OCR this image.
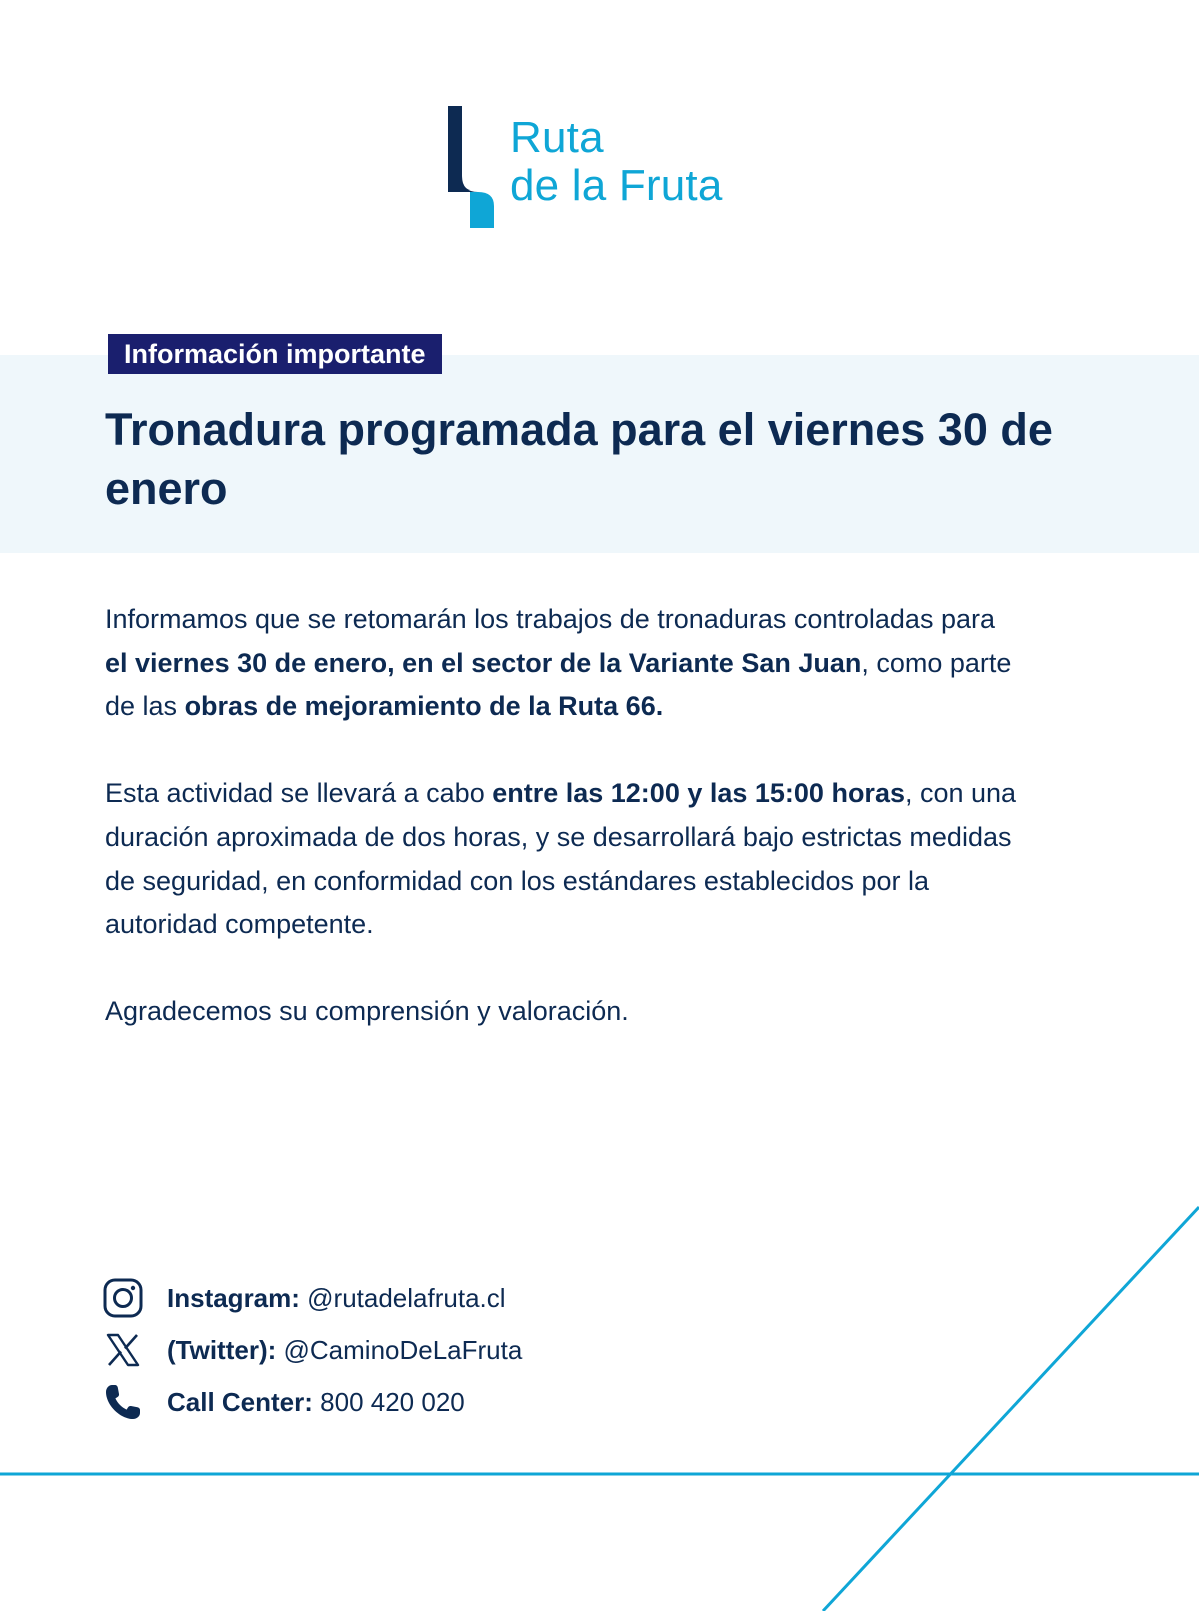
Ruta
de la Fruta
Información importante
Tronadura programada para el viernes 30 de enero

Informamos que se retomarán los trabajos de tronaduras controladas para el viernes 30 de enero, en el sector de la Variante San Juan, como parte de las obras de mejoramiento de la Ruta 66.

Esta actividad se llevará a cabo entre las 12:00 y las 15:00 horas, con una duración aproximada de dos horas, y se desarrollará bajo estrictas medidas de seguridad, en conformidad con los estándares establecidos por la autoridad competente.

Agradecemos su comprensión y valoración.

Instagram: @rutadelafruta.cl
(Twitter): @CaminoDeLaFruta
Call Center: 800 420 020
